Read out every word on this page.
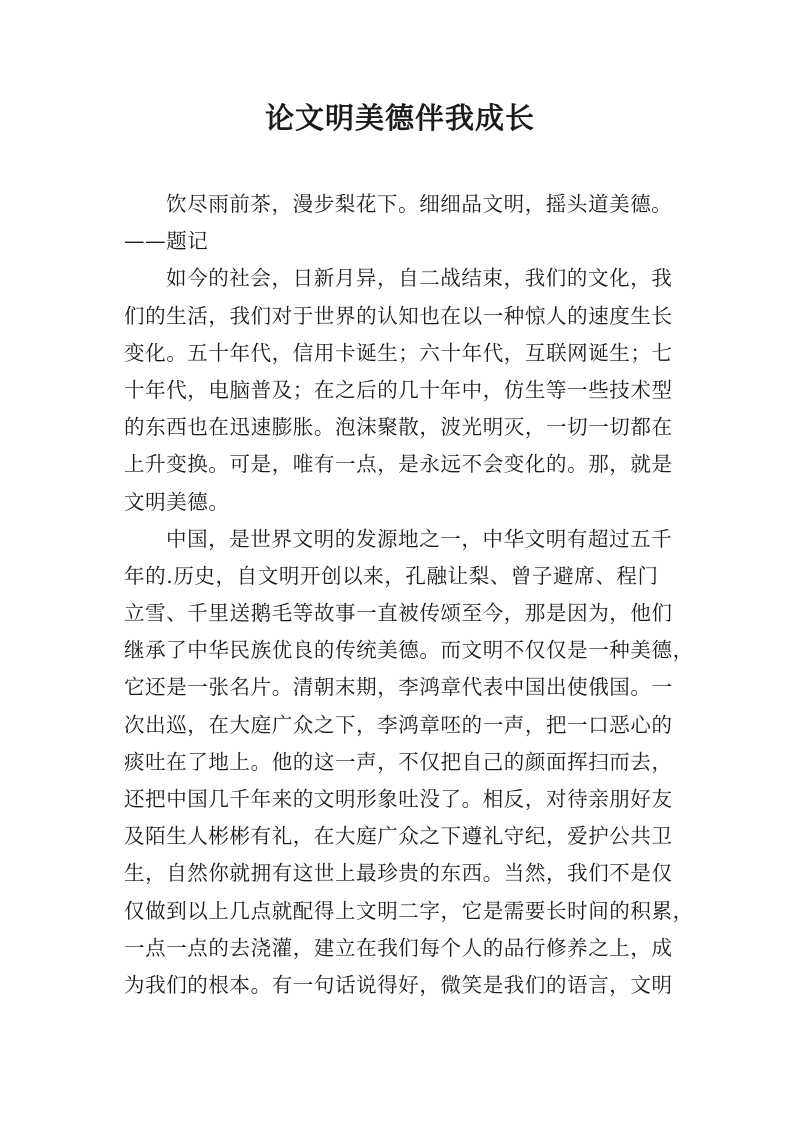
论文明美德伴我成长
饮尽雨前茶，漫步梨花下。细细品文明，摇头道美德。
——题记
如今的社会，日新月异，自二战结束，我们的文化，我
们的生活，我们对于世界的认知也在以一种惊人的速度生长
变化。五十年代，信用卡诞生；六十年代，互联网诞生；七
十年代，电脑普及；在之后的几十年中，仿生等一些技术型
的东西也在迅速膨胀。泡沫聚散，波光明灭，一切一切都在
上升变换。可是，唯有一点，是永远不会变化的。那，就是
文明美德。
中国，是世界文明的发源地之一，中华文明有超过五千
年的.历史，自文明开创以来，孔融让梨、曾子避席、程门
立雪、千里送鹅毛等故事一直被传颂至今，那是因为，他们
继承了中华民族优良的传统美德。而文明不仅仅是一种美德，
它还是一张名片。清朝末期，李鸿章代表中国出使俄国。一
次出巡，在大庭广众之下，李鸿章呸的一声，把一口恶心的
痰吐在了地上。他的这一声，不仅把自己的颜面挥扫而去，
还把中国几千年来的文明形象吐没了。相反，对待亲朋好友
及陌生人彬彬有礼，在大庭广众之下遵礼守纪，爱护公共卫
生，自然你就拥有这世上最珍贵的东西。当然，我们不是仅
仅做到以上几点就配得上文明二字，它是需要长时间的积累，
一点一点的去浇灌，建立在我们每个人的品行修养之上，成
为我们的根本。有一句话说得好，微笑是我们的语言，文明
